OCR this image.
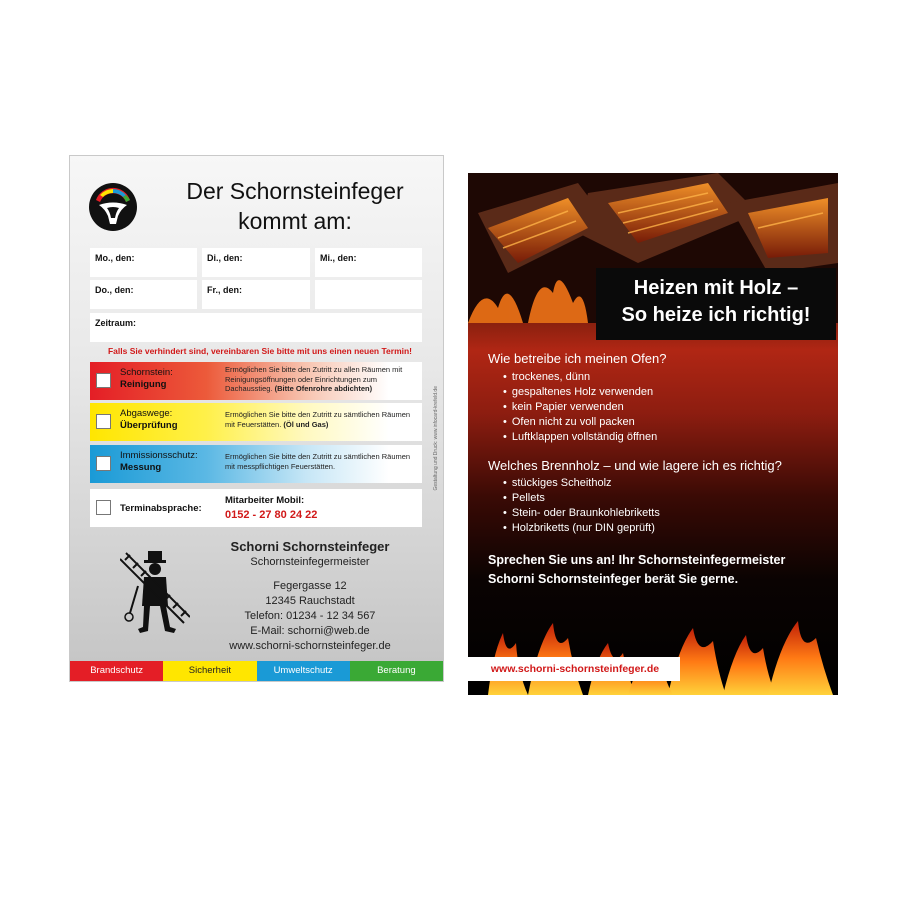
Der Schornsteinfeger
kommt am:
Gestaltung und Druck: www.infocard-krefeld.de
Mo., den:	Di., den:	Mi., den:
Do., den:	Fr., den:
Zeitraum:
Falls Sie verhindert sind, vereinbaren Sie bitte mit uns einen neuen Termin!
Schornstein:
Reinigung
Ermöglichen Sie bitte den Zutritt zu allen Räumen mit Reinigungsöffnungen oder Einrichtungen zum Dachausstieg. (Bitte Ofenrohre abdichten)
Abgaswege:
Überprüfung
Ermöglichen Sie bitte den Zutritt zu sämtlichen Räumen mit Feuerstätten. (Öl und Gas)
Immissionsschutz:
Messung
Ermöglichen Sie bitte den Zutritt zu sämtlichen Räumen mit messpflichtigen Feuerstätten.
Terminabsprache:
Mitarbeiter Mobil:
0152 - 27 80 24 22
Schorni Schornsteinfeger
Schornsteinfegermeister
Fegergasse 12
12345 Rauchstadt
Telefon: 01234 - 12 34 567
E-Mail: schorni@web.de
www.schorni-schornsteinfeger.de
Brandschutz	Sicherheit	Umweltschutz	Beratung
Heizen mit Holz –
So heize ich richtig!
Wie betreibe ich meinen Ofen?
• trockenes, dünn
• gespaltenes Holz verwenden
• kein Papier verwenden
• Ofen nicht zu voll packen
• Luftklappen vollständig öffnen
Welches Brennholz – und wie lagere ich es richtig?
• stückiges Scheitholz
• Pellets
• Stein- oder Braunkohlebriketts
• Holzbriketts (nur DIN geprüft)
Sprechen Sie uns an! Ihr Schornsteinfegermeister
Schorni Schornsteinfeger berät Sie gerne.
www.schorni-schornsteinfeger.de
